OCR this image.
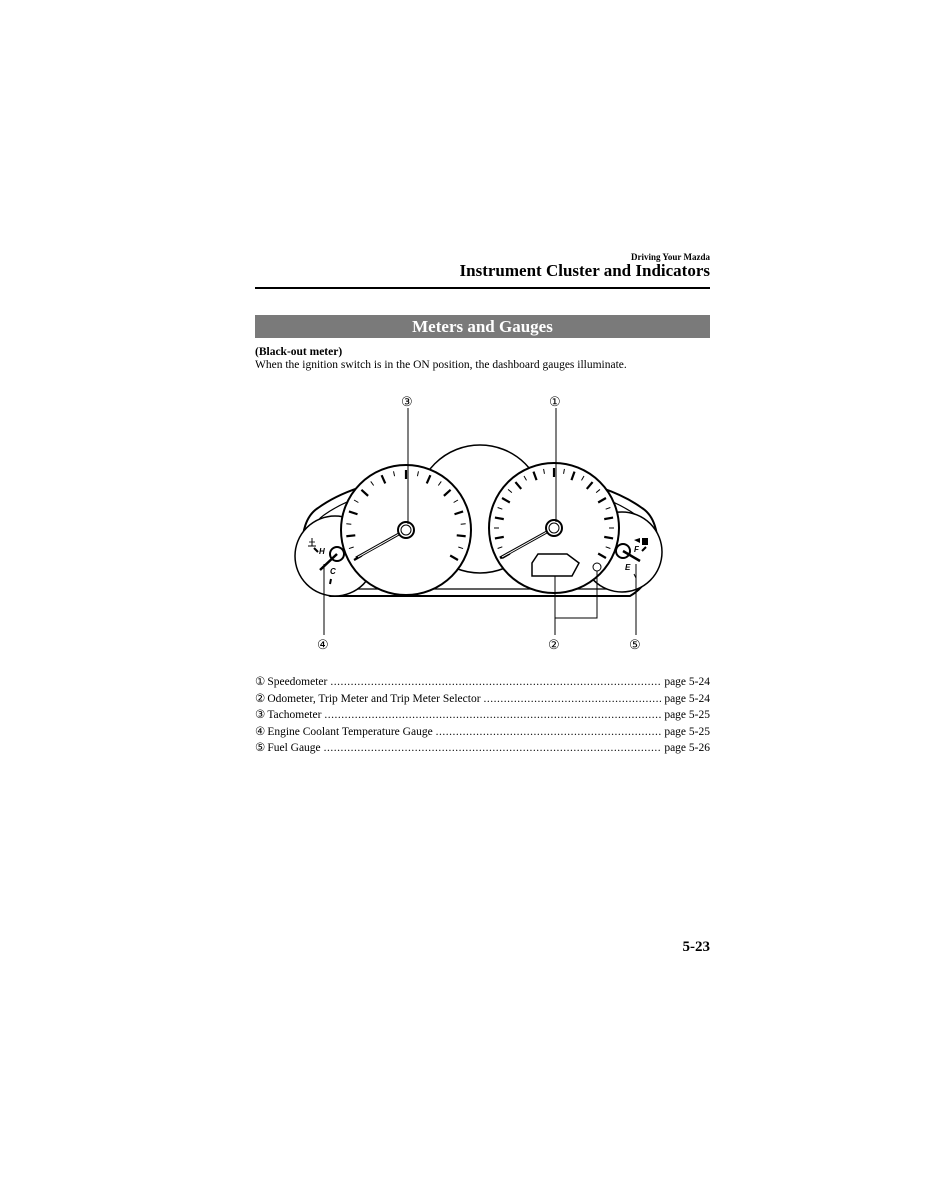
Driving Your Mazda
Instrument Cluster and Indicators
Meters and Gauges
(Black-out meter)
When the ignition switch is in the ON position, the dashboard gauges illuminate.
H
C
F
E
③	①
④	②	⑤
① Speedometer .....	page 5-24
② Odometer, Trip Meter and Trip Meter Selector .....	page 5-24
③ Tachometer .....	page 5-25
④ Engine Coolant Temperature Gauge .....	page 5-25
⑤ Fuel Gauge .....	page 5-26
5-23
